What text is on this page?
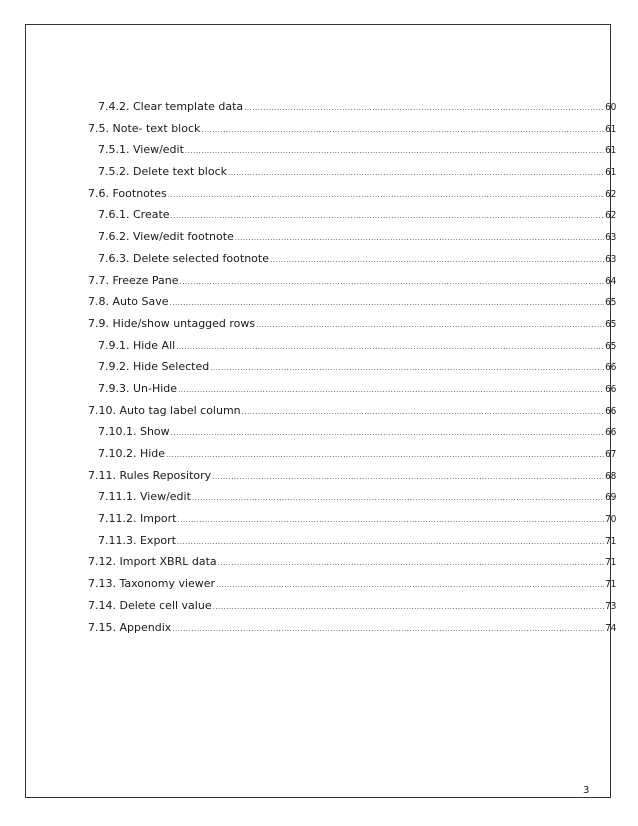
7.4.2. Clear template data .....	60
7.5. Note- text block .....	61
7.5.1. View/edit .....	61
7.5.2. Delete text block .....	61
7.6. Footnotes .....	62
7.6.1. Create .....	62
7.6.2. View/edit footnote .....	63
7.6.3. Delete selected footnote .....	63
7.7. Freeze Pane .....	64
7.8. Auto Save .....	65
7.9. Hide/show untagged rows .....	65
7.9.1. Hide All .....	65
7.9.2. Hide Selected .....	66
7.9.3. Un-Hide .....	66
7.10. Auto tag label column .....	66
7.10.1. Show .....	66
7.10.2. Hide .....	67
7.11. Rules Repository .....	68
7.11.1. View/edit .....	69
7.11.2. Import .....	70
7.11.3. Export .....	71
7.12. Import XBRL data .....	71
7.13. Taxonomy viewer .....	71
7.14. Delete cell value .....	73
7.15. Appendix .....	74
3
